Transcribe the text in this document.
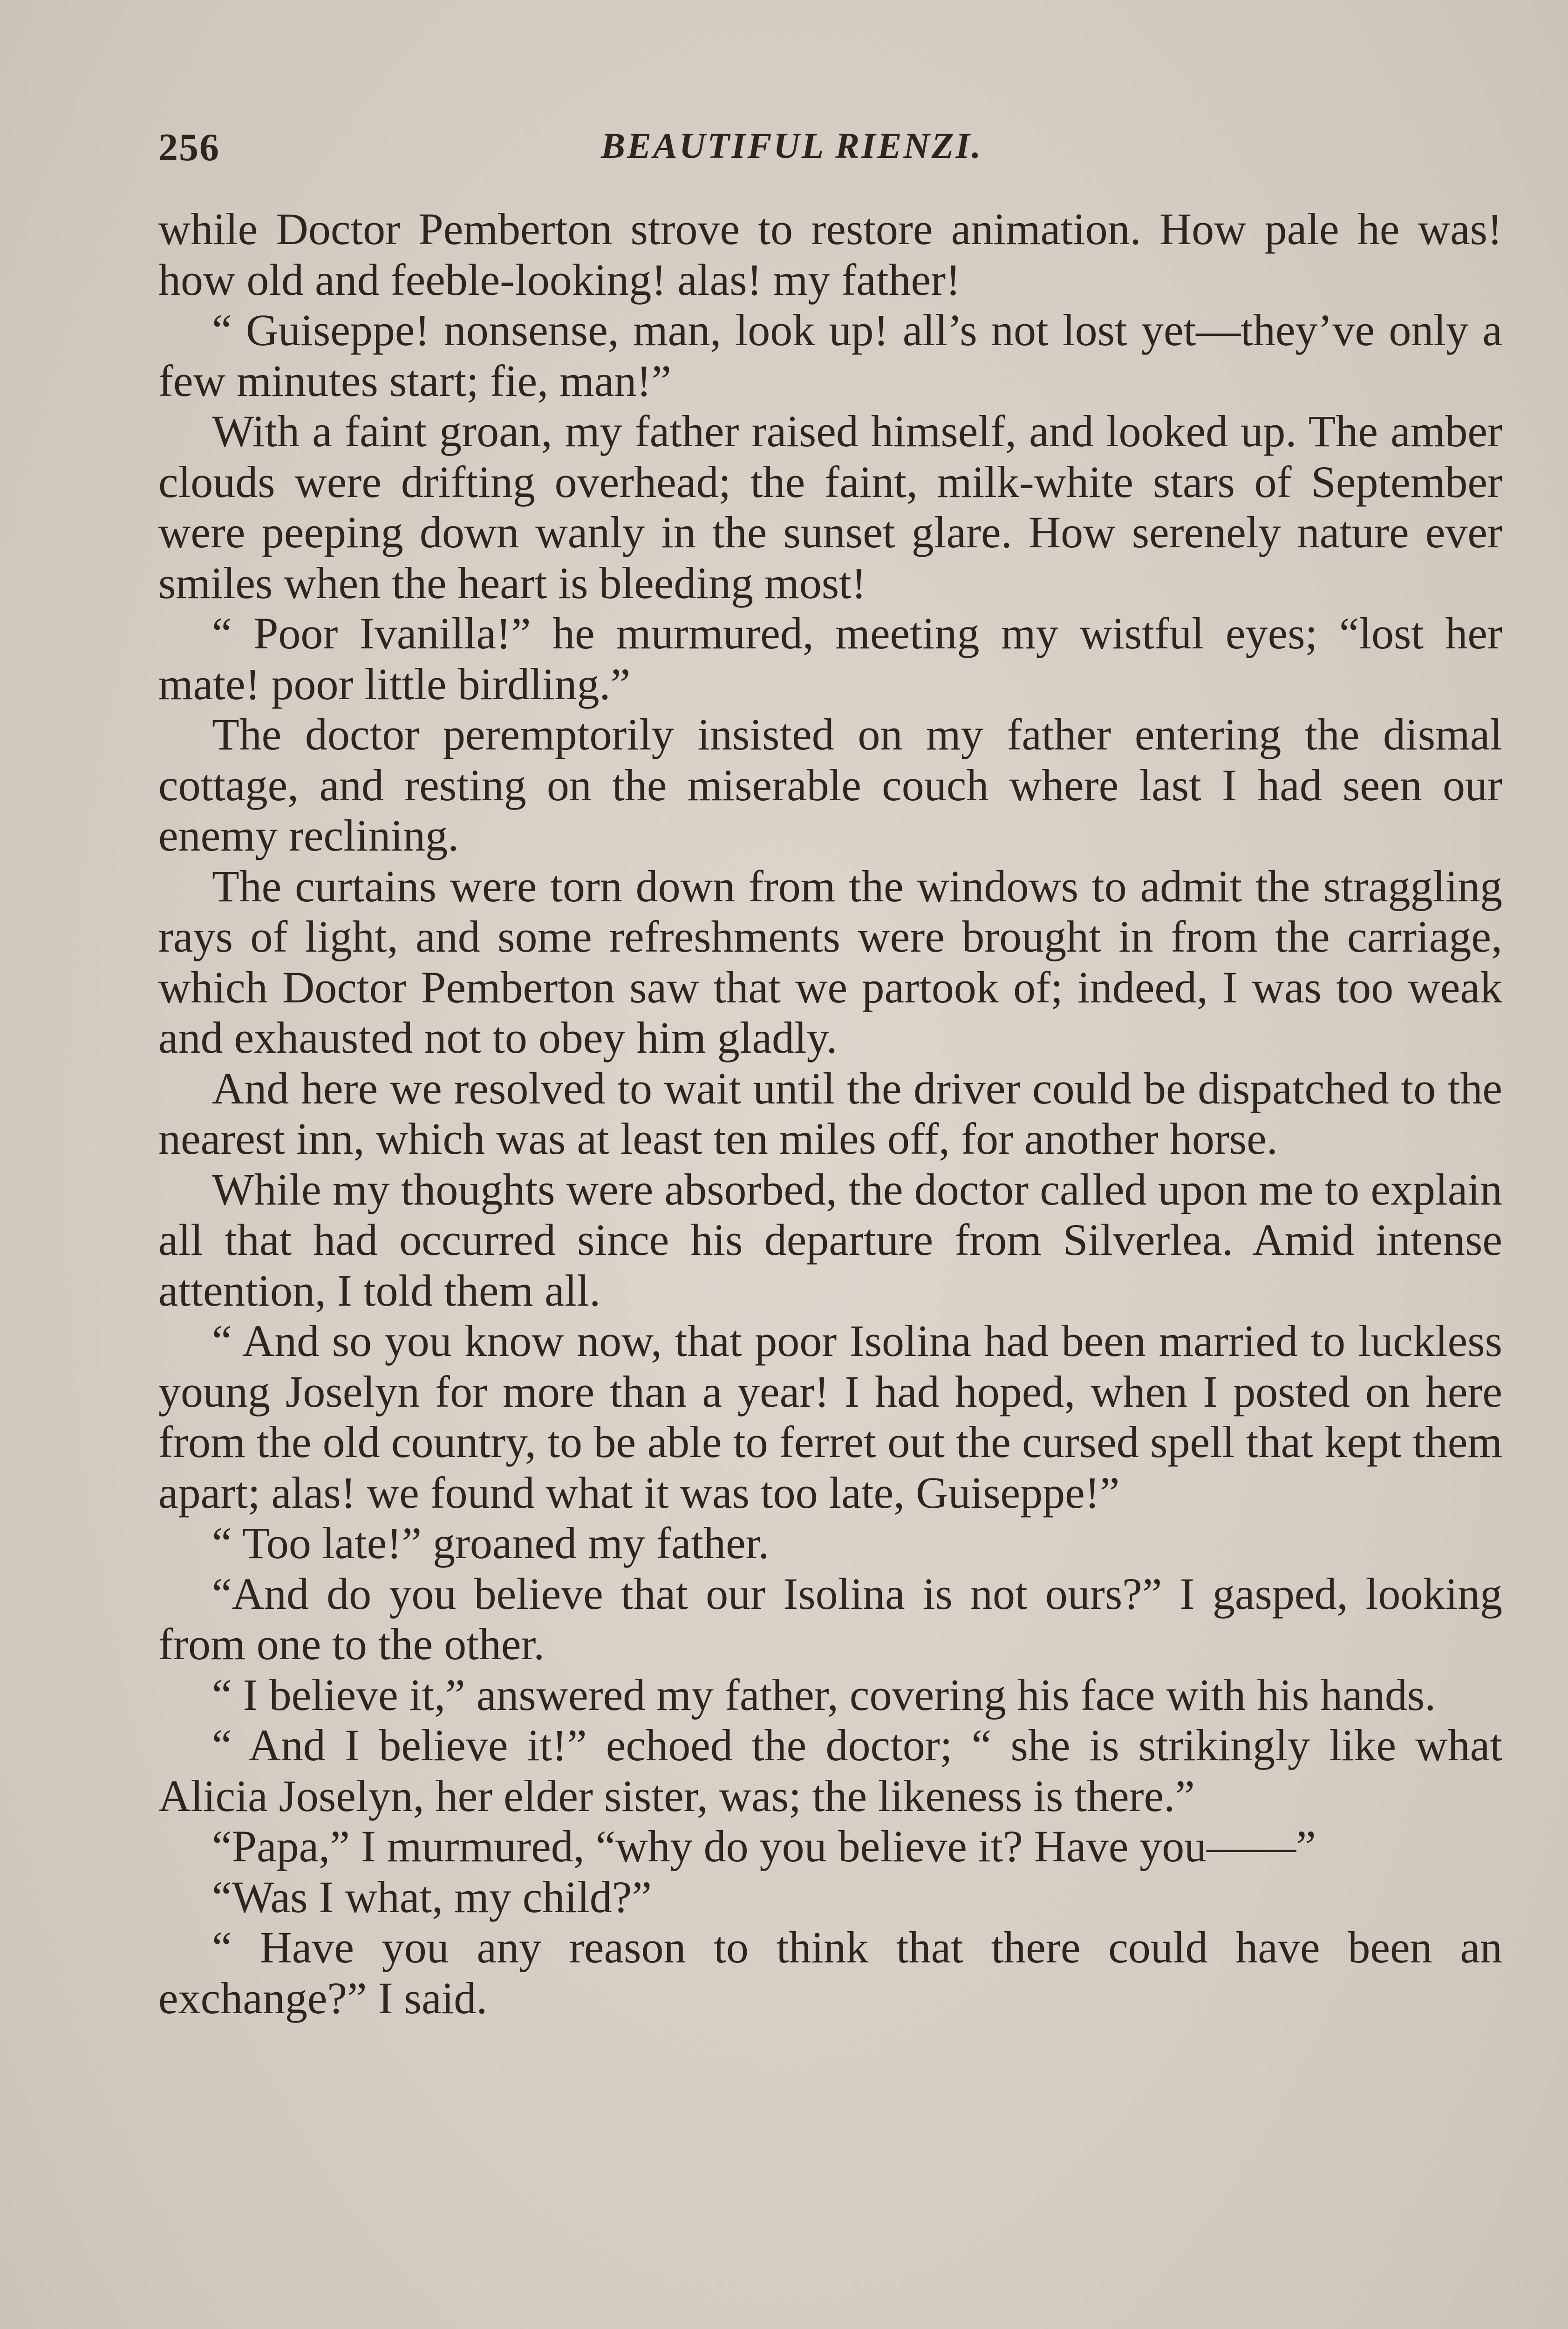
256	BEAUTIFUL RIENZI.

while Doctor Pemberton strove to restore animation. How pale he was! how old and feeble-looking! alas! my father!

“ Guiseppe! nonsense, man, look up! all’s not lost yet—they’ve only a few minutes start; fie, man!”

With a faint groan, my father raised himself, and looked up. The amber clouds were drifting overhead; the faint, milk-white stars of September were peeping down wanly in the sunset glare. How serenely nature ever smiles when the heart is bleeding most!

“ Poor Ivanilla!” he murmured, meeting my wistful eyes; “lost her mate! poor little birdling.”

The doctor peremptorily insisted on my father entering the dismal cottage, and resting on the miserable couch where last I had seen our enemy reclining.

The curtains were torn down from the windows to admit the straggling rays of light, and some refreshments were brought in from the carriage, which Doctor Pemberton saw that we partook of; indeed, I was too weak and exhausted not to obey him gladly.

And here we resolved to wait until the driver could be dispatched to the nearest inn, which was at least ten miles off, for another horse.

While my thoughts were absorbed, the doctor called upon me to explain all that had occurred since his departure from Silverlea. Amid intense attention, I told them all.

“ And so you know now, that poor Isolina had been married to luckless young Joselyn for more than a year! I had hoped, when I posted on here from the old country, to be able to ferret out the cursed spell that kept them apart; alas! we found what it was too late, Guiseppe!”

“ Too late!” groaned my father.

“And do you believe that our Isolina is not ours?” I gasped, looking from one to the other.

“ I believe it,” answered my father, covering his face with his hands.

“ And I believe it!” echoed the doctor; “ she is strikingly like what Alicia Joselyn, her elder sister, was; the likeness is there.”

“Papa,” I murmured, “why do you believe it? Have you——”

“Was I what, my child?”

“ Have you any reason to think that there could have been an exchange?” I said.
